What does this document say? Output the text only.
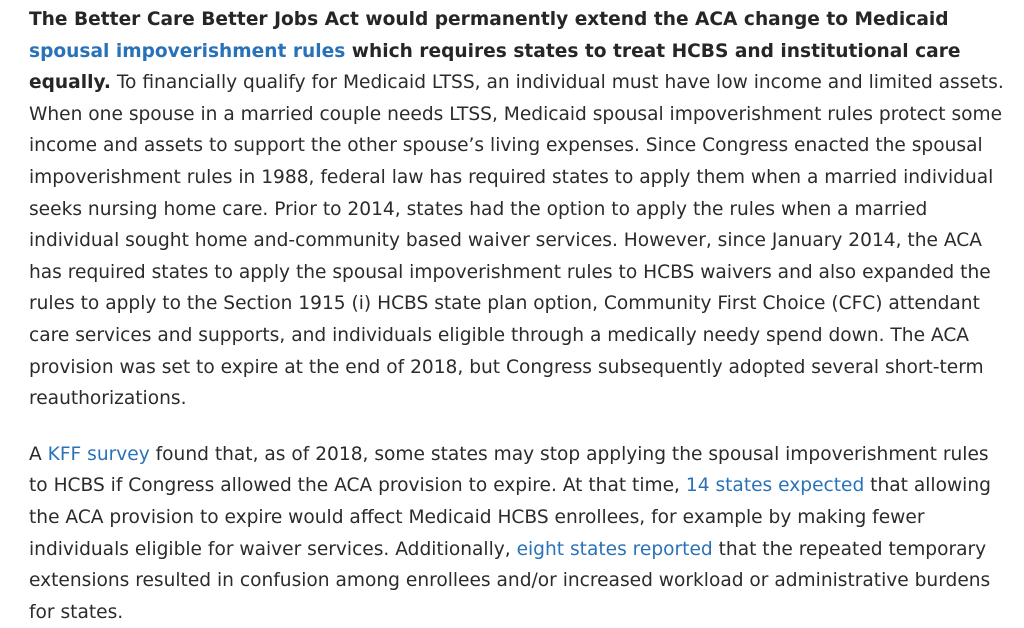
The Better Care Better Jobs Act would permanently extend the ACA change to Medicaid spousal impoverishment rules which requires states to treat HCBS and institutional care equally. To financially qualify for Medicaid LTSS, an individual must have low income and limited assets. When one spouse in a married couple needs LTSS, Medicaid spousal impoverishment rules protect some income and assets to support the other spouse’s living expenses. Since Congress enacted the spousal impoverishment rules in 1988, federal law has required states to apply them when a married individual seeks nursing home care. Prior to 2014, states had the option to apply the rules when a married individual sought home and-community based waiver services. However, since January 2014, the ACA has required states to apply the spousal impoverishment rules to HCBS waivers and also expanded the rules to apply to the Section 1915 (i) HCBS state plan option, Community First Choice (CFC) attendant care services and supports, and individuals eligible through a medically needy spend down. The ACA provision was set to expire at the end of 2018, but Congress subsequently adopted several short-term reauthorizations.

A KFF survey found that, as of 2018, some states may stop applying the spousal impoverishment rules to HCBS if Congress allowed the ACA provision to expire. At that time, 14 states expected that allowing the ACA provision to expire would affect Medicaid HCBS enrollees, for example by making fewer individuals eligible for waiver services. Additionally, eight states reported that the repeated temporary extensions resulted in confusion among enrollees and/or increased workload or administrative burdens for states.
